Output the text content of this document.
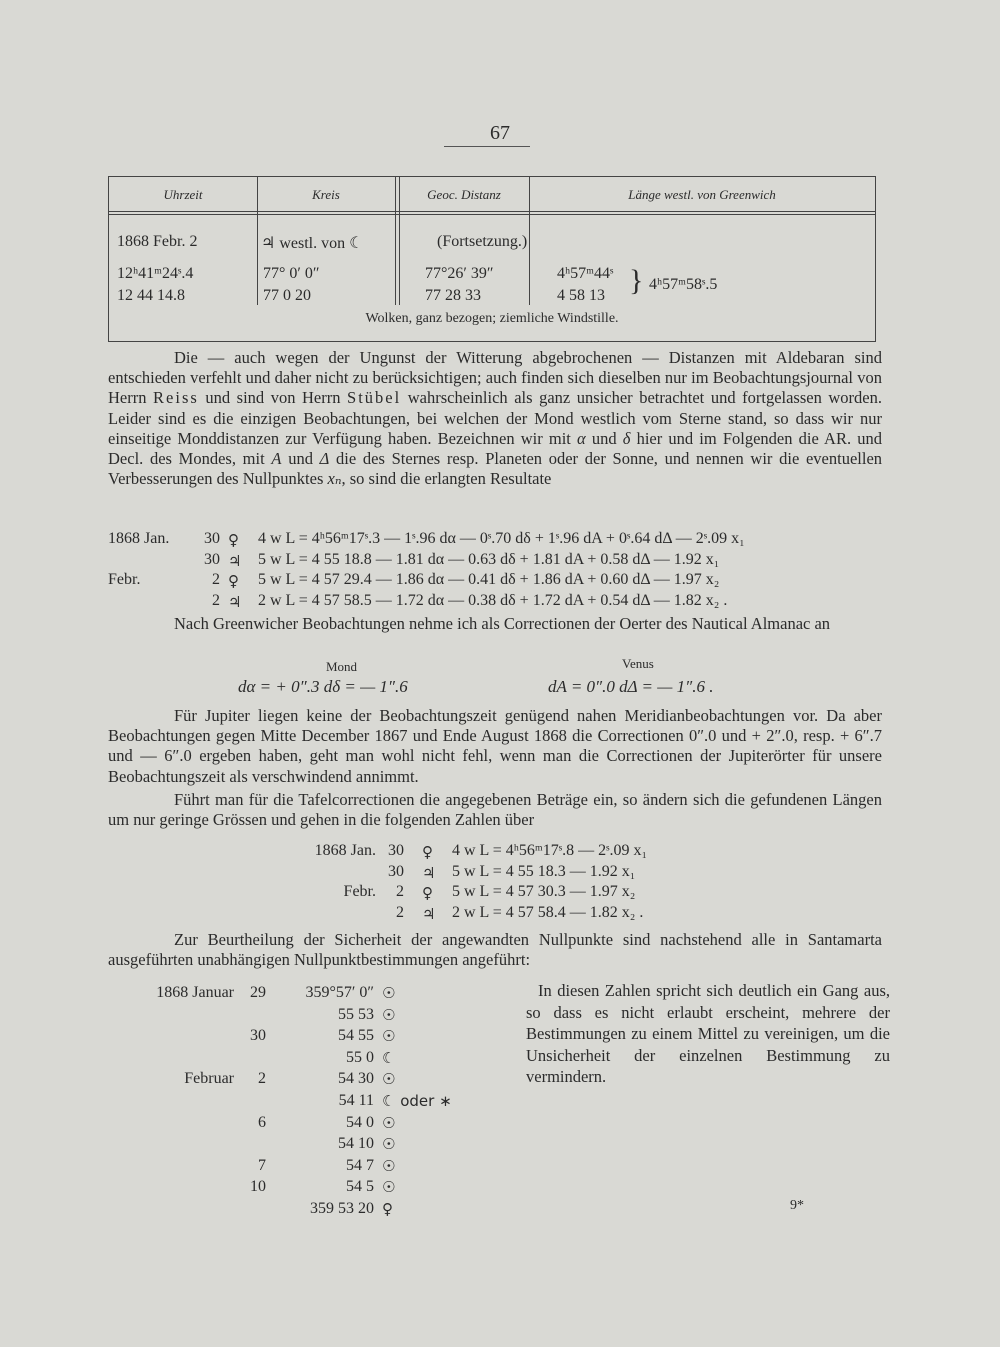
67
Uhrzeit	Kreis	Geoc. Distanz	Länge westl. von Greenwich
1868 Febr. 2	♃ westl. von ☾	(Fortsetzung.)
12ʰ41ᵐ24ˢ.4	77° 0′ 0″	77°26′ 39″	4ʰ57ᵐ44ˢ
12 44 14.8	77 0 20	77 28 33	4 58 13 } 4ʰ57ᵐ58ˢ.5
Wolken, ganz bezogen; ziemliche Windstille.

Die — auch wegen der Ungunst der Witterung abgebrochenen — Distanzen mit Aldebaran sind entschieden verfehlt und daher nicht zu berücksichtigen; auch finden sich dieselben nur im Beobachtungsjournal von Herrn Reiss und sind von Herrn Stübel wahrscheinlich als ganz unsicher betrachtet und fortgelassen worden. Leider sind es die einzigen Beobachtungen, bei welchen der Mond westlich vom Sterne stand, so dass wir nur einseitige Monddistanzen zur Verfügung haben. Bezeichnen wir mit α und δ hier und im Folgenden die AR. und Decl. des Mondes, mit A und Δ die des Sternes resp. Planeten oder der Sonne, und nennen wir die eventuellen Verbesserungen des Nullpunktes xₙ, so sind die erlangten Resultate

1868 Jan.	30 ♀ 4 w L = 4ʰ56ᵐ17ˢ.3 — 1ˢ.96 dα — 0ˢ.70 dδ + 1ˢ.96 dA + 0ˢ.64 dΔ — 2ˢ.09 x₁
30 ♃ 5 w L = 4 55 18.8 — 1.81 dα — 0.63 dδ + 1.81 dA + 0.58 dΔ — 1.92 x₁
Febr.	2 ♀ 5 w L = 4 57 29.4 — 1.86 dα — 0.41 dδ + 1.86 dA + 0.60 dΔ — 1.97 x₂
2 ♃ 2 w L = 4 57 58.5 — 1.72 dα — 0.38 dδ + 1.72 dA + 0.54 dΔ — 1.82 x₂ .
Nach Greenwicher Beobachtungen nehme ich als Correctionen der Oerter des Nautical Almanac an
Mond	Venus
dα = + 0″.3 dδ = — 1″.6	dA = 0″.0 dΔ = — 1″.6 .
Für Jupiter liegen keine der Beobachtungszeit genügend nahen Meridianbeobachtungen vor. Da aber Beobachtungen gegen Mitte December 1867 und Ende August 1868 die Correctionen 0″.0 und + 2″.0, resp. + 6″.7 und — 6″.0 ergeben haben, geht man wohl nicht fehl, wenn man die Correctionen der Jupiterörter für unsere Beobachtungszeit als verschwindend annimmt.
Führt man für die Tafelcorrectionen die angegebenen Beträge ein, so ändern sich die gefundenen Längen um nur geringe Grössen und gehen in die folgenden Zahlen über
1868 Jan. 30 ♀ 4 w L = 4ʰ56ᵐ17ˢ.8 — 2ˢ.09 x₁
30 ♃ 5 w L = 4 55 18.3 — 1.92 x₁
Febr.	2 ♀ 5 w L = 4 57 30.3 — 1.97 x₂
2 ♃ 2 w L = 4 57 58.4 — 1.82 x₂ .
Zur Beurtheilung der Sicherheit der angewandten Nullpunkte sind nachstehend alle in Santamarta ausgeführten unabhängigen Nullpunktbestimmungen angeführt:
1868 Januar	29	359°57′ 0″ ☉
55 53 ☉
30	54 55 ☉
55 0 ☾
Februar	2	54 30 ☉
54 11 ☾ oder ∗
6	54 0 ☉
54 10 ☉
7	54 7 ☉
10	54 5 ☉
359 53 20 ♀

In diesen Zahlen spricht sich deutlich ein Gang aus, so dass es nicht erlaubt erscheint, mehrere der Bestimmungen zu einem Mittel zu vereinigen, um die Unsicherheit der einzelnen Bestimmung zu vermindern.

9*
